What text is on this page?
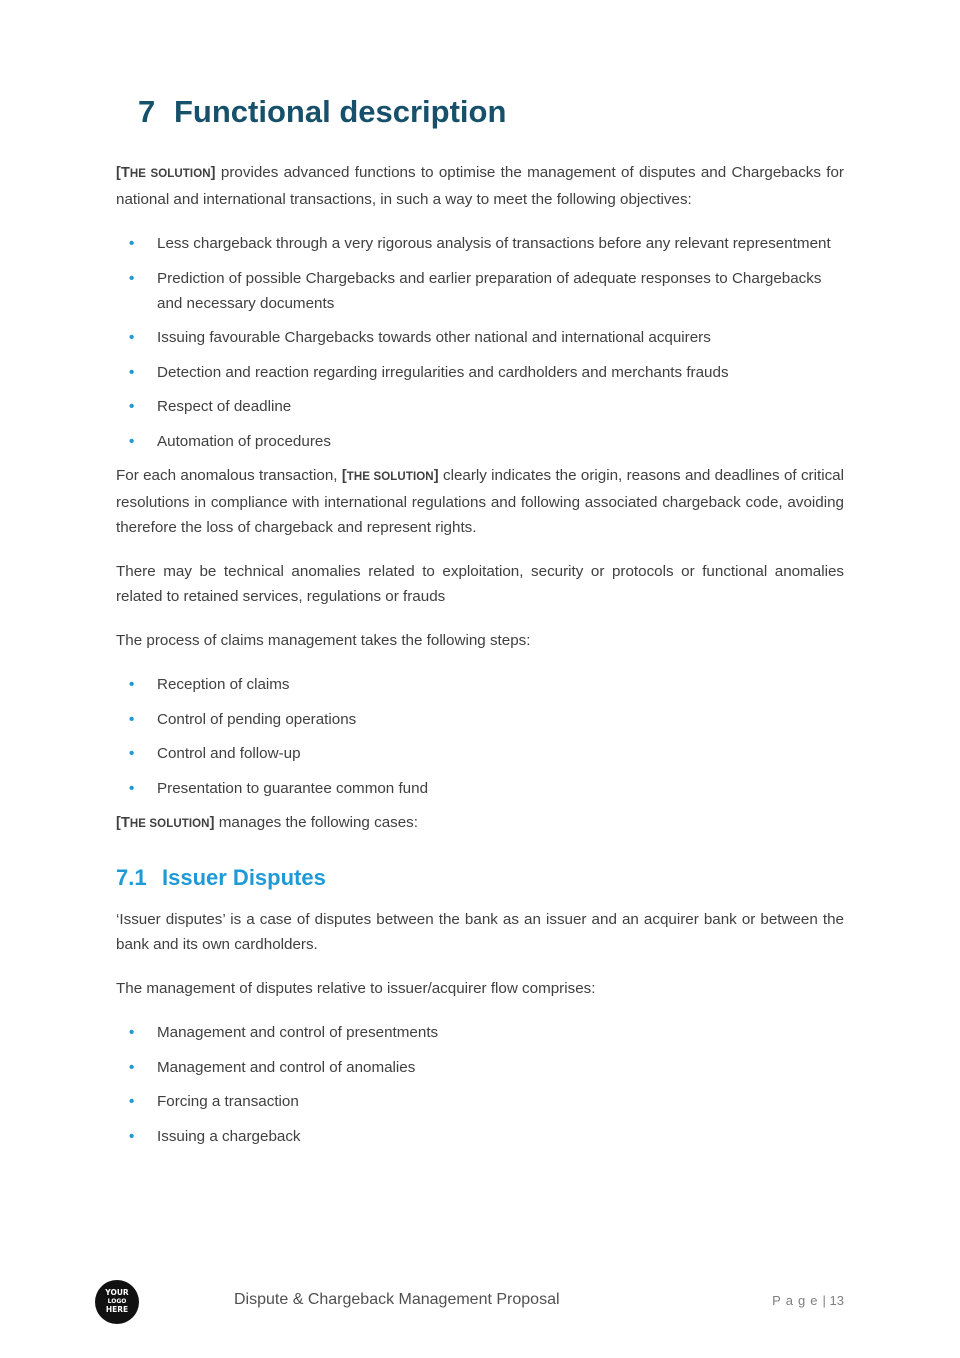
7 Functional description

[THE SOLUTION] provides advanced functions to optimise the management of disputes and Chargebacks for national and international transactions, in such a way to meet the following objectives:

• Less chargeback through a very rigorous analysis of transactions before any relevant representment
• Prediction of possible Chargebacks and earlier preparation of adequate responses to Chargebacks and necessary documents
• Issuing favourable Chargebacks towards other national and international acquirers
• Detection and reaction regarding irregularities and cardholders and merchants frauds
• Respect of deadline
• Automation of procedures

For each anomalous transaction, [THE SOLUTION] clearly indicates the origin, reasons and deadlines of critical resolutions in compliance with international regulations and following associated chargeback code, avoiding therefore the loss of chargeback and represent rights.

There may be technical anomalies related to exploitation, security or protocols or functional anomalies related to retained services, regulations or frauds

The process of claims management takes the following steps:

• Reception of claims
• Control of pending operations
• Control and follow-up
• Presentation to guarantee common fund

[THE SOLUTION] manages the following cases:

7.1 Issuer Disputes

‘Issuer disputes’ is a case of disputes between the bank as an issuer and an acquirer bank or between the bank and its own cardholders.

The management of disputes relative to issuer/acquirer flow comprises:

• Management and control of presentments
• Management and control of anomalies
• Forcing a transaction
• Issuing a chargeback
YOUR
LOGO
HERE
Dispute & Chargeback Management Proposal	Page| 13
